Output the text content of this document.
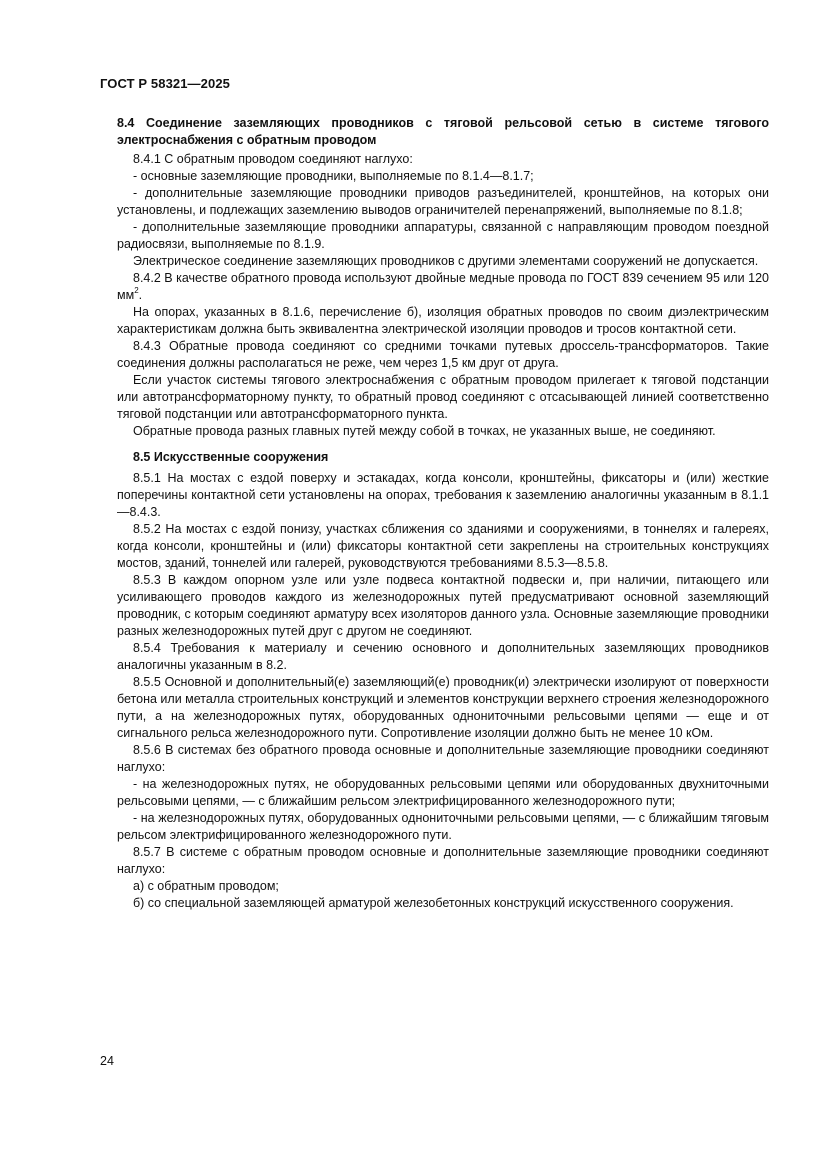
ГОСТ Р 58321—2025

8.4 Соединение заземляющих проводников с тяговой рельсовой сетью в системе тягового электроснабжения с обратным проводом

8.4.1 С обратным проводом соединяют наглухо:

- основные заземляющие проводники, выполняемые по 8.1.4—8.1.7;

- дополнительные заземляющие проводники приводов разъединителей, кронштейнов, на которых они установлены, и подлежащих заземлению выводов ограничителей перенапряжений, выполняемые по 8.1.8;

- дополнительные заземляющие проводники аппаратуры, связанной с направляющим проводом поездной радиосвязи, выполняемые по 8.1.9.

Электрическое соединение заземляющих проводников с другими элементами сооружений не допускается.

8.4.2 В качестве обратного провода используют двойные медные провода по ГОСТ 839 сечением 95 или 120 $мм^2$.

На опорах, указанных в 8.1.6, перечисление б), изоляция обратных проводов по своим диэлектрическим характеристикам должна быть эквивалентна электрической изоляции проводов и тросов контактной сети.

8.4.3 Обратные провода соединяют со средними точками путевых дроссель-трансформаторов. Такие соединения должны располагаться не реже, чем через 1,5 км друг от друга.

Если участок системы тягового электроснабжения с обратным проводом прилегает к тяговой подстанции или автотрансформаторному пункту, то обратный провод соединяют с отсасывающей линией соответственно тяговой подстанции или автотрансформаторного пункта.

Обратные провода разных главных путей между собой в точках, не указанных выше, не соединяют.

8.5 Искусственные сооружения

8.5.1 На мостах с ездой поверху и эстакадах, когда консоли, кронштейны, фиксаторы и (или) жесткие поперечины контактной сети установлены на опорах, требования к заземлению аналогичны указанным в 8.1.1—8.4.3.

8.5.2 На мостах с ездой понизу, участках сближения со зданиями и сооружениями, в тоннелях и галереях, когда консоли, кронштейны и (или) фиксаторы контактной сети закреплены на строительных конструкциях мостов, зданий, тоннелей или галерей, руководствуются требованиями 8.5.3—8.5.8.

8.5.3 В каждом опорном узле или узле подвеса контактной подвески и, при наличии, питающего или усиливающего проводов каждого из железнодорожных путей предусматривают основной заземляющий проводник, с которым соединяют арматуру всех изоляторов данного узла. Основные заземляющие проводники разных железнодорожных путей друг с другом не соединяют.

8.5.4 Требования к материалу и сечению основного и дополнительных заземляющих проводников аналогичны указанным в 8.2.

8.5.5 Основной и дополнительный(е) заземляющий(е) проводник(и) электрически изолируют от поверхности бетона или металла строительных конструкций и элементов конструкции верхнего строения железнодорожного пути, а на железнодорожных путях, оборудованных однониточными рельсовыми цепями — еще и от сигнального рельса железнодорожного пути. Сопротивление изоляции должно быть не менее 10 кОм.

8.5.6 В системах без обратного провода основные и дополнительные заземляющие проводники соединяют наглухо:

- на железнодорожных путях, не оборудованных рельсовыми цепями или оборудованных двухниточными рельсовыми цепями, — с ближайшим рельсом электрифицированного железнодорожного пути;

- на железнодорожных путях, оборудованных однониточными рельсовыми цепями, — с ближайшим тяговым рельсом электрифицированного железнодорожного пути.

8.5.7 В системе с обратным проводом основные и дополнительные заземляющие проводники соединяют наглухо:

а) с обратным проводом;

б) со специальной заземляющей арматурой железобетонных конструкций искусственного сооружения.

24
